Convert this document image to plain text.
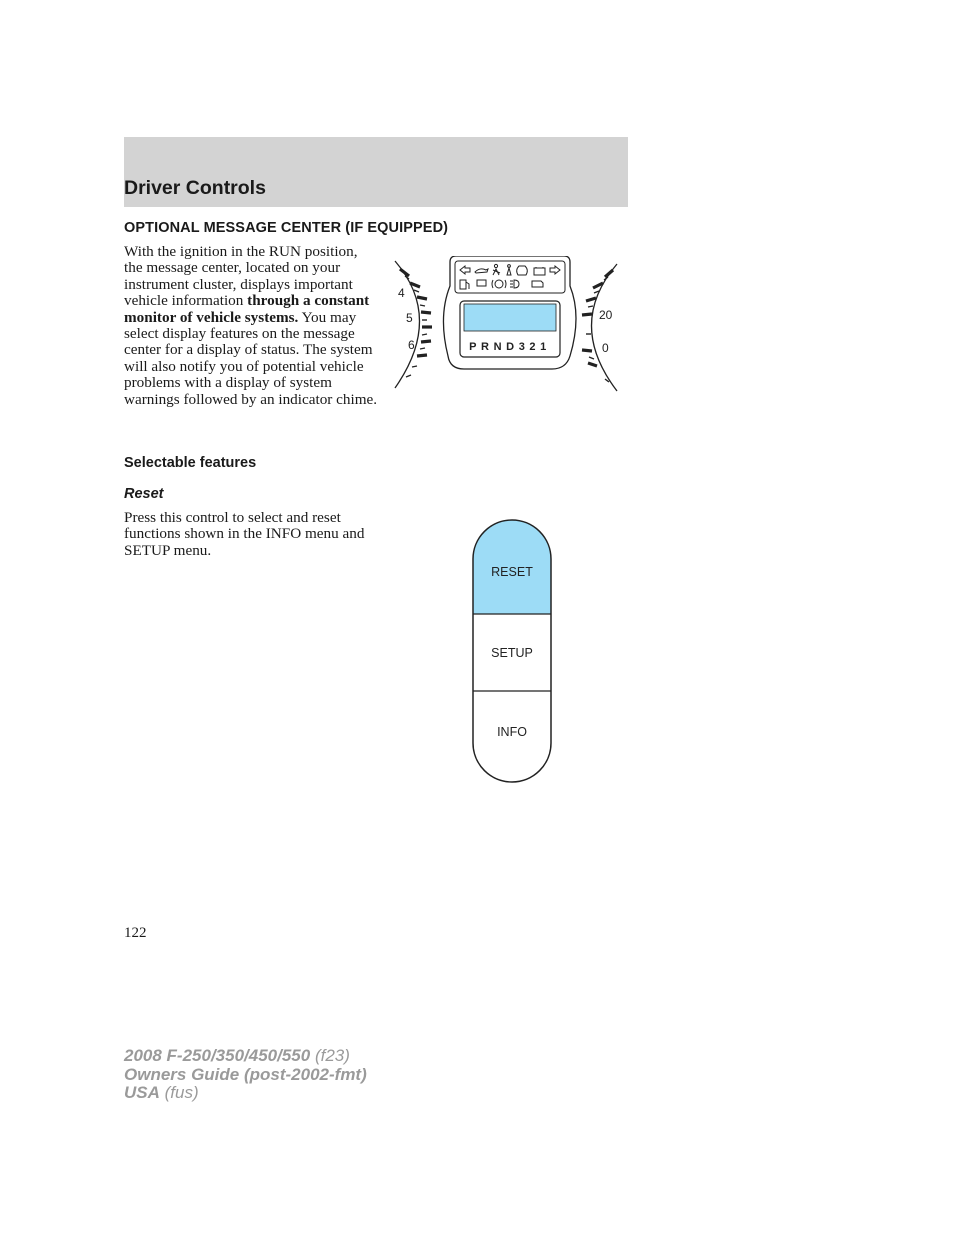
Driver Controls
OPTIONAL MESSAGE CENTER (IF EQUIPPED)
With the ignition in the RUN position, the message center, located on your instrument cluster, displays important vehicle information through a constant monitor of vehicle systems. You may select display features on the message center for a display of status. The system will also notify you of potential vehicle problems with a display of system warnings followed by an indicator chime.
4
5
6
20
0
PRND321
Selectable features
Reset
Press this control to select and reset functions shown in the INFO menu and SETUP menu.
RESET
SETUP
INFO
122
2008 F-250/350/450/550 (f23)
Owners Guide (post-2002-fmt)
USA (fus)
